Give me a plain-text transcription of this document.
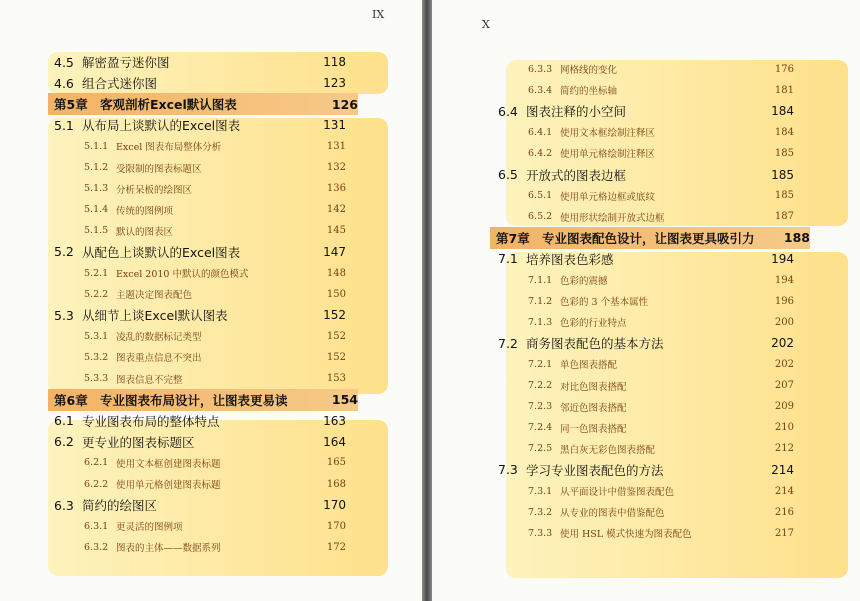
IX
4.5 解密盈亏迷你图	118
4.6 组合式迷你图	123
第5章 客观剖析Excel默认图表	126
5.1 从布局上谈默认的Excel图表	131
5.1.1 Excel 图表布局整体分析	131
5.1.2 受限制的图表标题区	132
5.1.3 分析呆板的绘图区	136
5.1.4 传统的图例项	142
5.1.5 默认的图表区	145
5.2 从配色上谈默认的Excel图表	147
5.2.1 Excel 2010 中默认的颜色模式	148
5.2.2 主题决定图表配色	150
5.3 从细节上谈Excel默认图表	152
5.3.1 凌乱的数据标记类型	152
5.3.2 图表重点信息不突出	152
5.3.3 图表信息不完整	153
第6章 专业图表布局设计，让图表更易读	154
6.1 专业图表布局的整体特点	163
6.2 更专业的图表标题区	164
6.2.1 使用文本框创建图表标题	165
6.2.2 使用单元格创建图表标题	168
6.3 简约的绘图区	170
6.3.1 更灵活的图例项	170
6.3.2 图表的主体——数据系列	172
X
6.3.3 网格线的变化	176
6.3.4 简约的坐标轴	181
6.4 图表注释的小空间	184
6.4.1 使用文本框绘制注释区	184
6.4.2 使用单元格绘制注释区	185
6.5 开放式的图表边框	185
6.5.1 使用单元格边框或底纹	185
6.5.2 使用形状绘制开放式边框	187
第7章 专业图表配色设计，让图表更具吸引力	188
7.1 培养图表色彩感	194
7.1.1 色彩的震撼	194
7.1.2 色彩的 3 个基本属性	196
7.1.3 色彩的行业特点	200
7.2 商务图表配色的基本方法	202
7.2.1 单色图表搭配	202
7.2.2 对比色图表搭配	207
7.2.3 邻近色图表搭配	209
7.2.4 同一色图表搭配	210
7.2.5 黑白灰无彩色图表搭配	212
7.3 学习专业图表配色的方法	214
7.3.1 从平面设计中借鉴图表配色	214
7.3.2 从专业的图表中借鉴配色	216
7.3.3 使用 HSL 模式快速为图表配色	217
